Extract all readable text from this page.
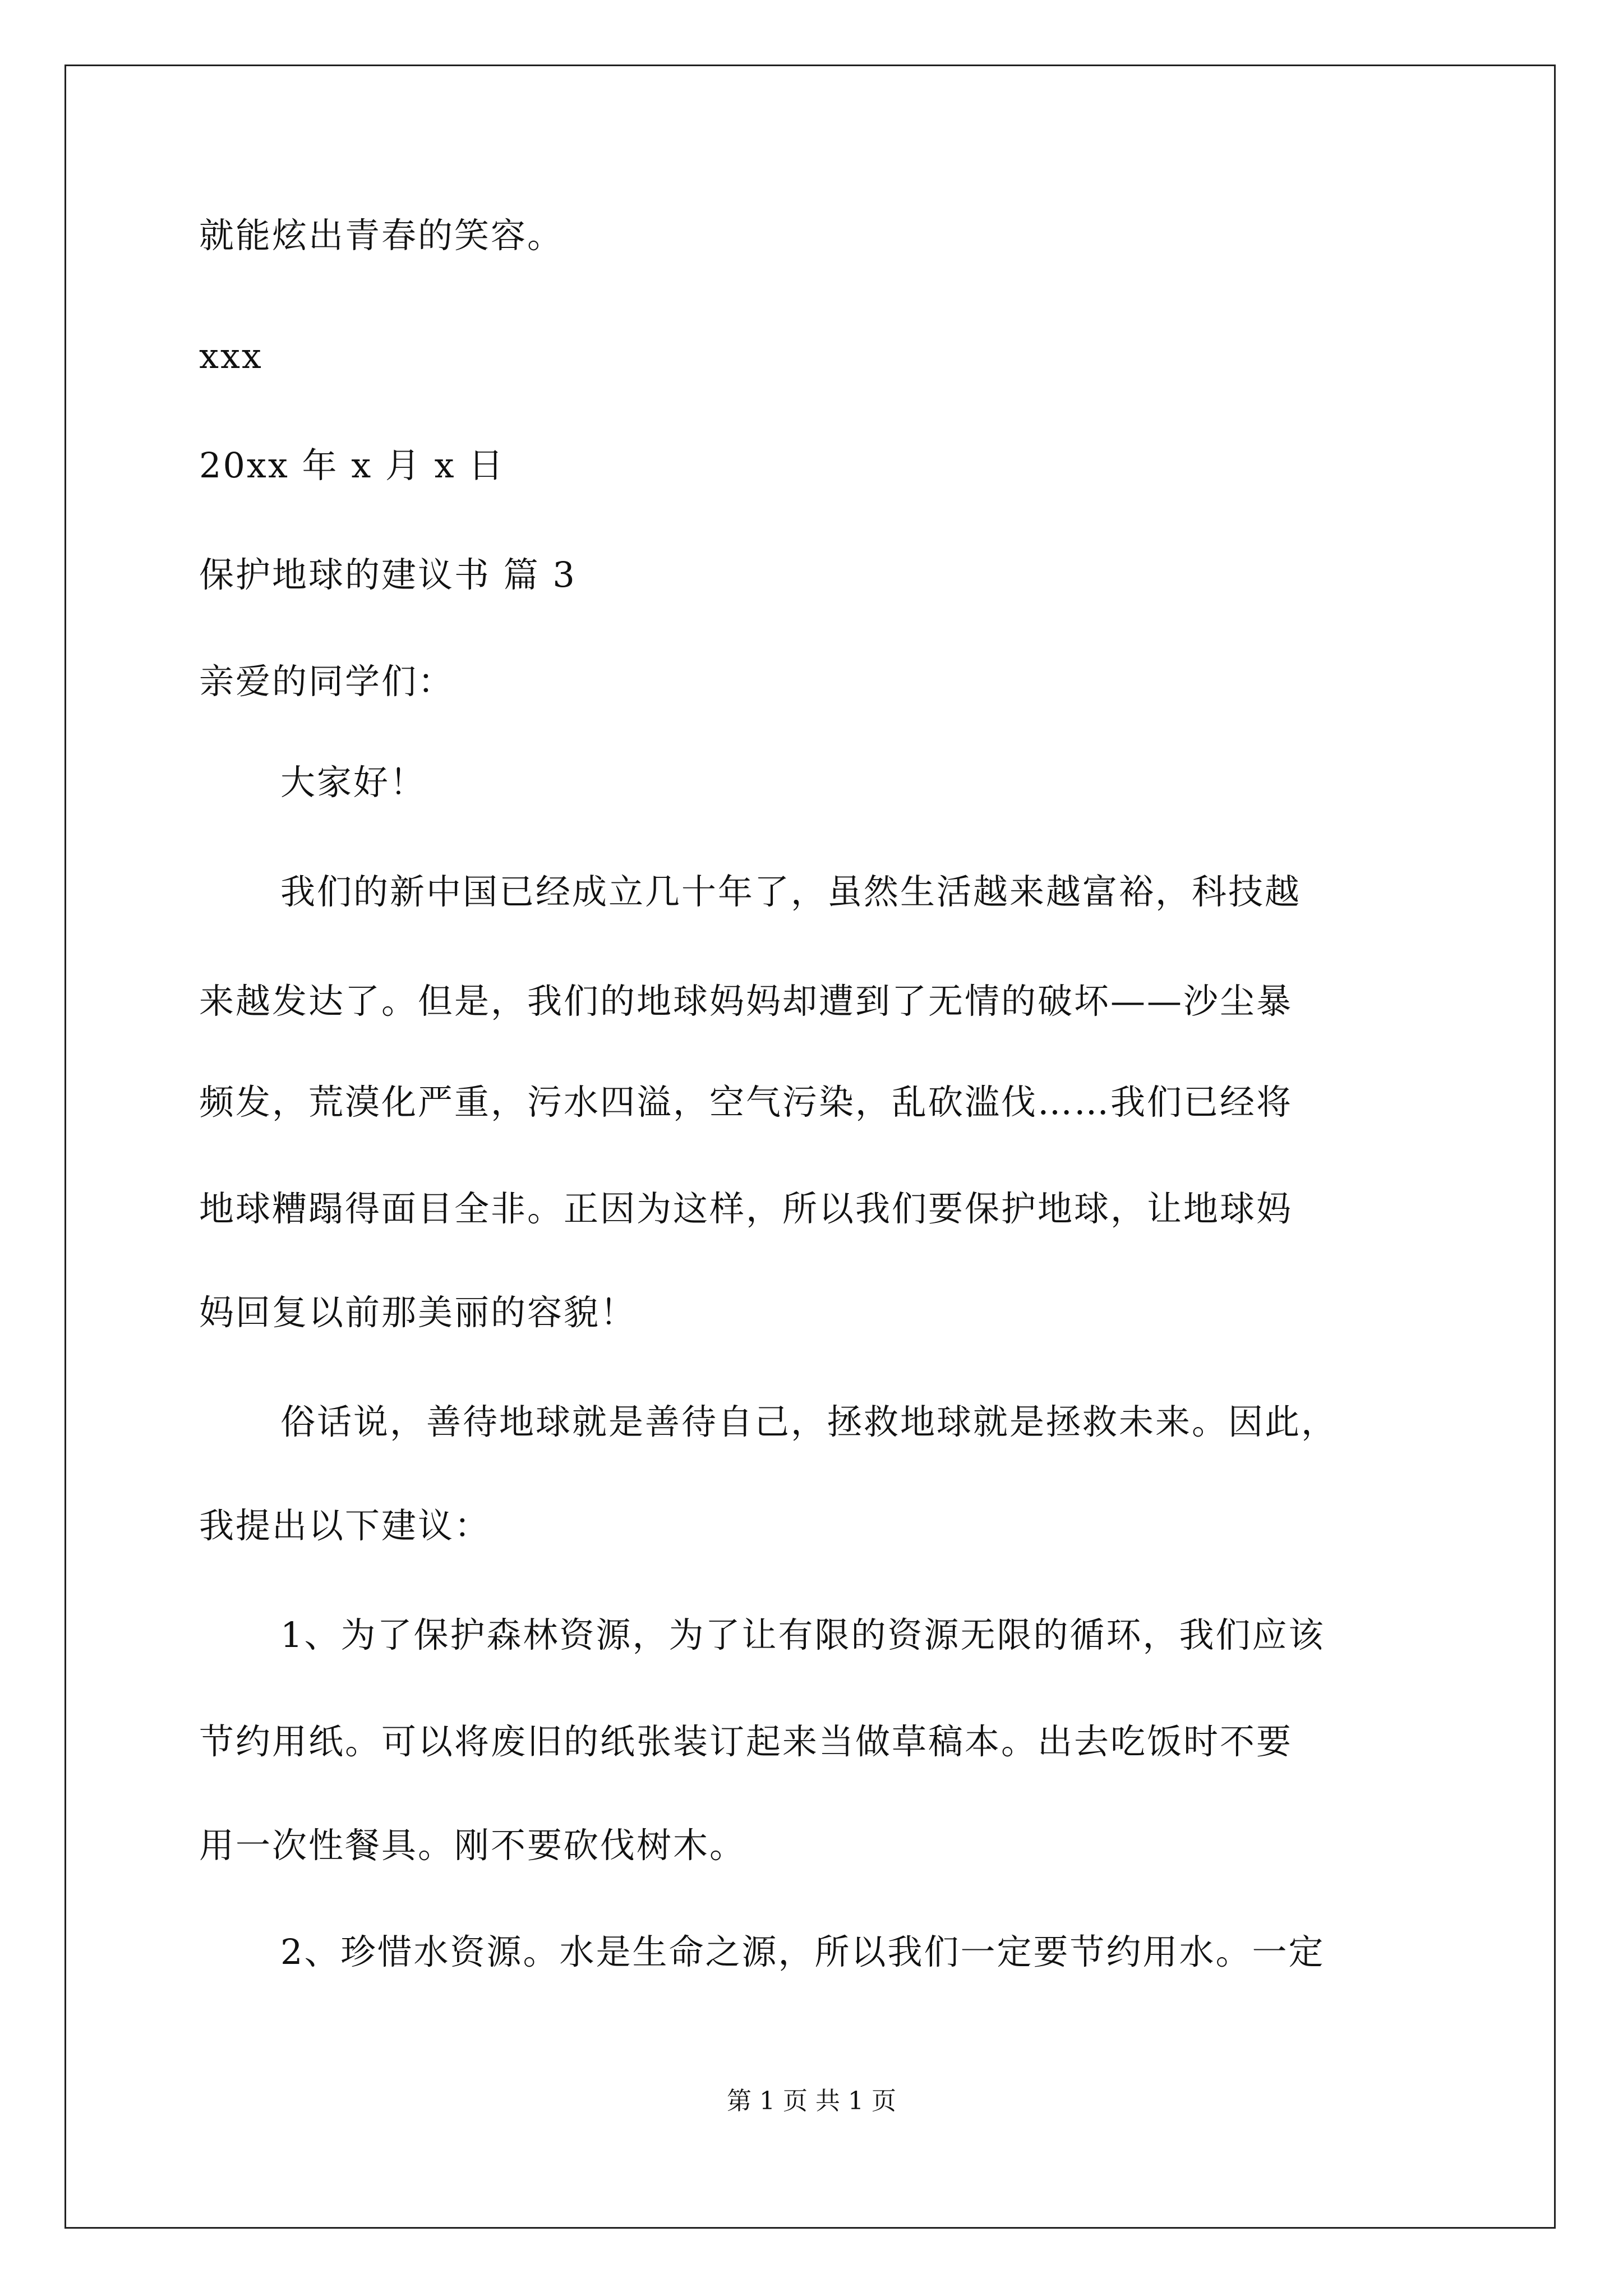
就能炫出青春的笑容。

xxx

20xx 年 x 月 x 日

保护地球的建议书 篇 3

亲爱的同学们：

大家好！

我们的新中国已经成立几十年了，虽然生活越来越富裕，科技越

来越发达了。但是，我们的地球妈妈却遭到了无情的破坏——沙尘暴

频发，荒漠化严重，污水四溢，空气污染，乱砍滥伐……我们已经将

地球糟蹋得面目全非。正因为这样，所以我们要保护地球，让地球妈

妈回复以前那美丽的容貌！

俗话说，善待地球就是善待自己，拯救地球就是拯救未来。因此，

我提出以下建议：

1、为了保护森林资源，为了让有限的资源无限的循环，我们应该

节约用纸。可以将废旧的纸张装订起来当做草稿本。出去吃饭时不要

用一次性餐具。刚不要砍伐树木。

2、珍惜水资源。水是生命之源，所以我们一定要节约用水。一定

第 1 页 共 1 页
